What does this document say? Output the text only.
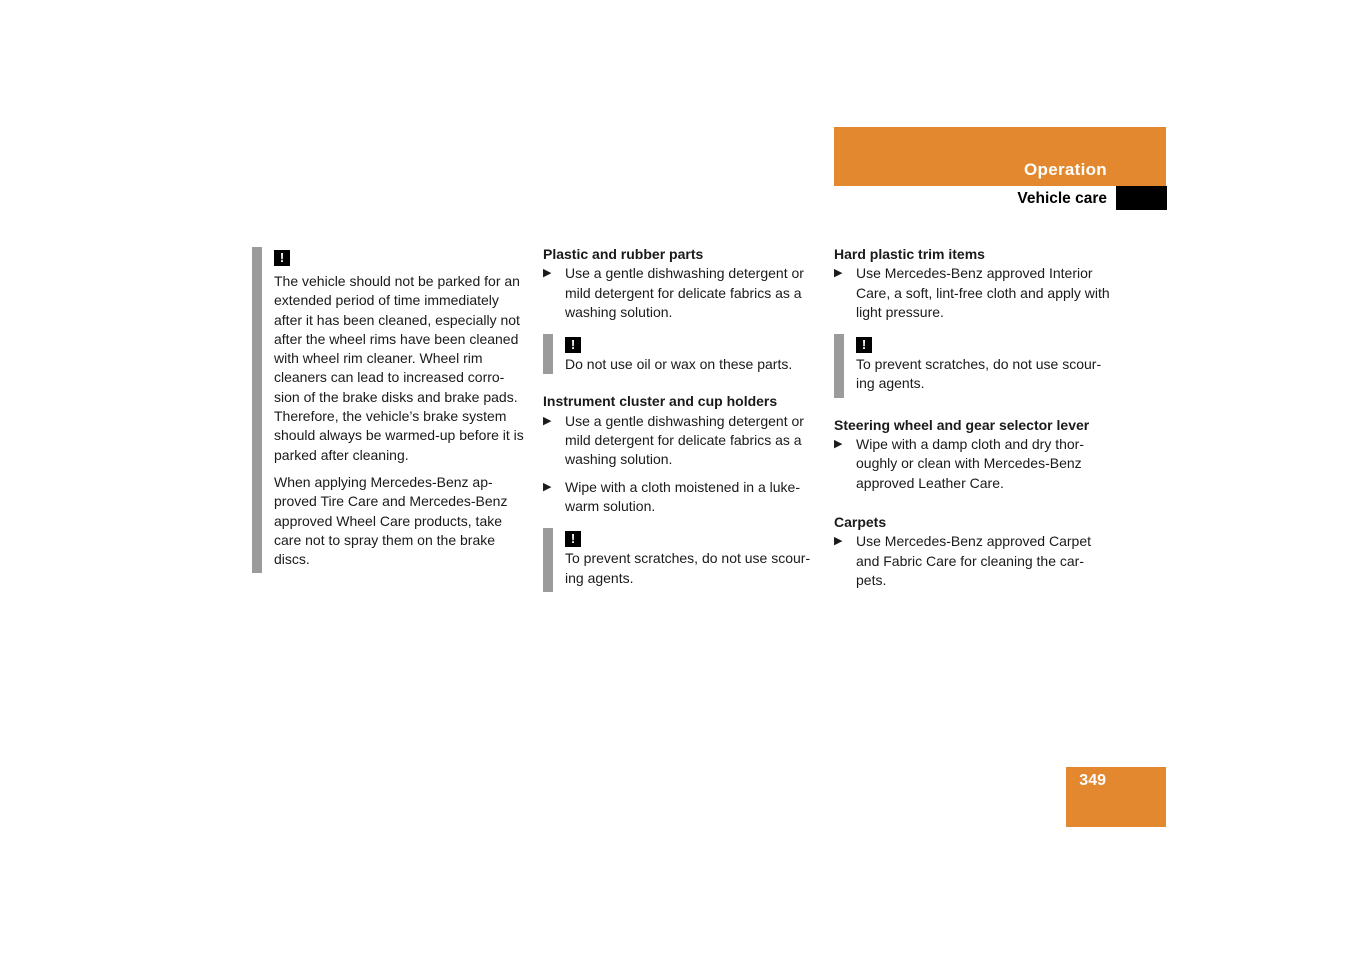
Operation
Vehicle care
!

The vehicle should not be parked for an extended period of time immediately after it has been cleaned, especially not after the wheel rims have been cleaned with wheel rim cleaner. Wheel rim cleaners can lead to increased corro-sion of the brake disks and brake pads. Therefore, the vehicle’s brake system should always be warmed-up before it is parked after cleaning.

When applying Mercedes-Benz ap-proved Tire Care and Mercedes-Benz approved Wheel Care products, take care not to spray them on the brake discs.

Plastic and rubber parts

▶ Use a gentle dishwashing detergent or mild detergent for delicate fabrics as a washing solution.

!

Do not use oil or wax on these parts.

Instrument cluster and cup holders

▶ Use a gentle dishwashing detergent or mild detergent for delicate fabrics as a washing solution.

▶ Wipe with a cloth moistened in a luke-warm solution.

!

To prevent scratches, do not use scour-ing agents.

Hard plastic trim items

▶ Use Mercedes-Benz approved Interior Care, a soft, lint-free cloth and apply with light pressure.

!

To prevent scratches, do not use scour-ing agents.

Steering wheel and gear selector lever

▶ Wipe with a damp cloth and dry thor-oughly or clean with Mercedes-Benz approved Leather Care.

Carpets

▶ Use Mercedes-Benz approved Carpet and Fabric Care for cleaning the car-pets.

349
